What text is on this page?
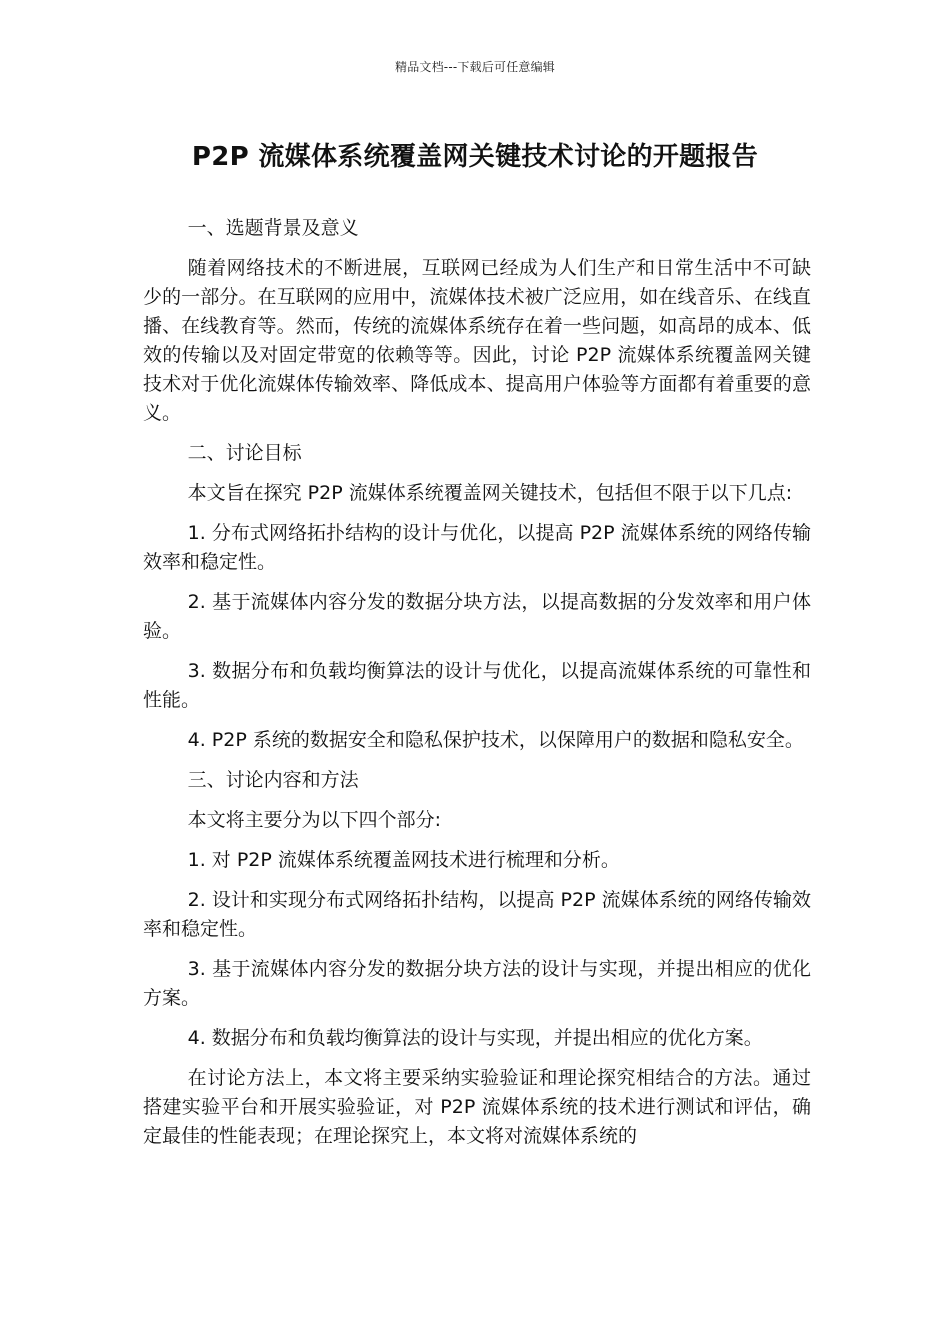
精品文档---下载后可任意编辑
P2P 流媒体系统覆盖网关键技术讨论的开题报告

一、选题背景及意义

随着网络技术的不断进展，互联网已经成为人们生产和日常生活中不可缺少的一部分。在互联网的应用中，流媒体技术被广泛应用，如在线音乐、在线直播、在线教育等。然而，传统的流媒体系统存在着一些问题，如高昂的成本、低效的传输以及对固定带宽的依赖等等。因此，讨论 P2P 流媒体系统覆盖网关键技术对于优化流媒体传输效率、降低成本、提高用户体验等方面都有着重要的意义。

二、讨论目标

本文旨在探究 P2P 流媒体系统覆盖网关键技术，包括但不限于以下几点:

1. 分布式网络拓扑结构的设计与优化，以提高 P2P 流媒体系统的网络传输效率和稳定性。

2. 基于流媒体内容分发的数据分块方法，以提高数据的分发效率和用户体验。

3. 数据分布和负载均衡算法的设计与优化，以提高流媒体系统的可靠性和性能。

4. P2P 系统的数据安全和隐私保护技术，以保障用户的数据和隐私安全。

三、讨论内容和方法

本文将主要分为以下四个部分:

1. 对 P2P 流媒体系统覆盖网技术进行梳理和分析。

2. 设计和实现分布式网络拓扑结构，以提高 P2P 流媒体系统的网络传输效率和稳定性。

3. 基于流媒体内容分发的数据分块方法的设计与实现，并提出相应的优化方案。

4. 数据分布和负载均衡算法的设计与实现，并提出相应的优化方案。

在讨论方法上，本文将主要采纳实验验证和理论探究相结合的方法。通过搭建实验平台和开展实验验证，对 P2P 流媒体系统的技术进行测试和评估，确定最佳的性能表现；在理论探究上，本文将对流媒体系统的
